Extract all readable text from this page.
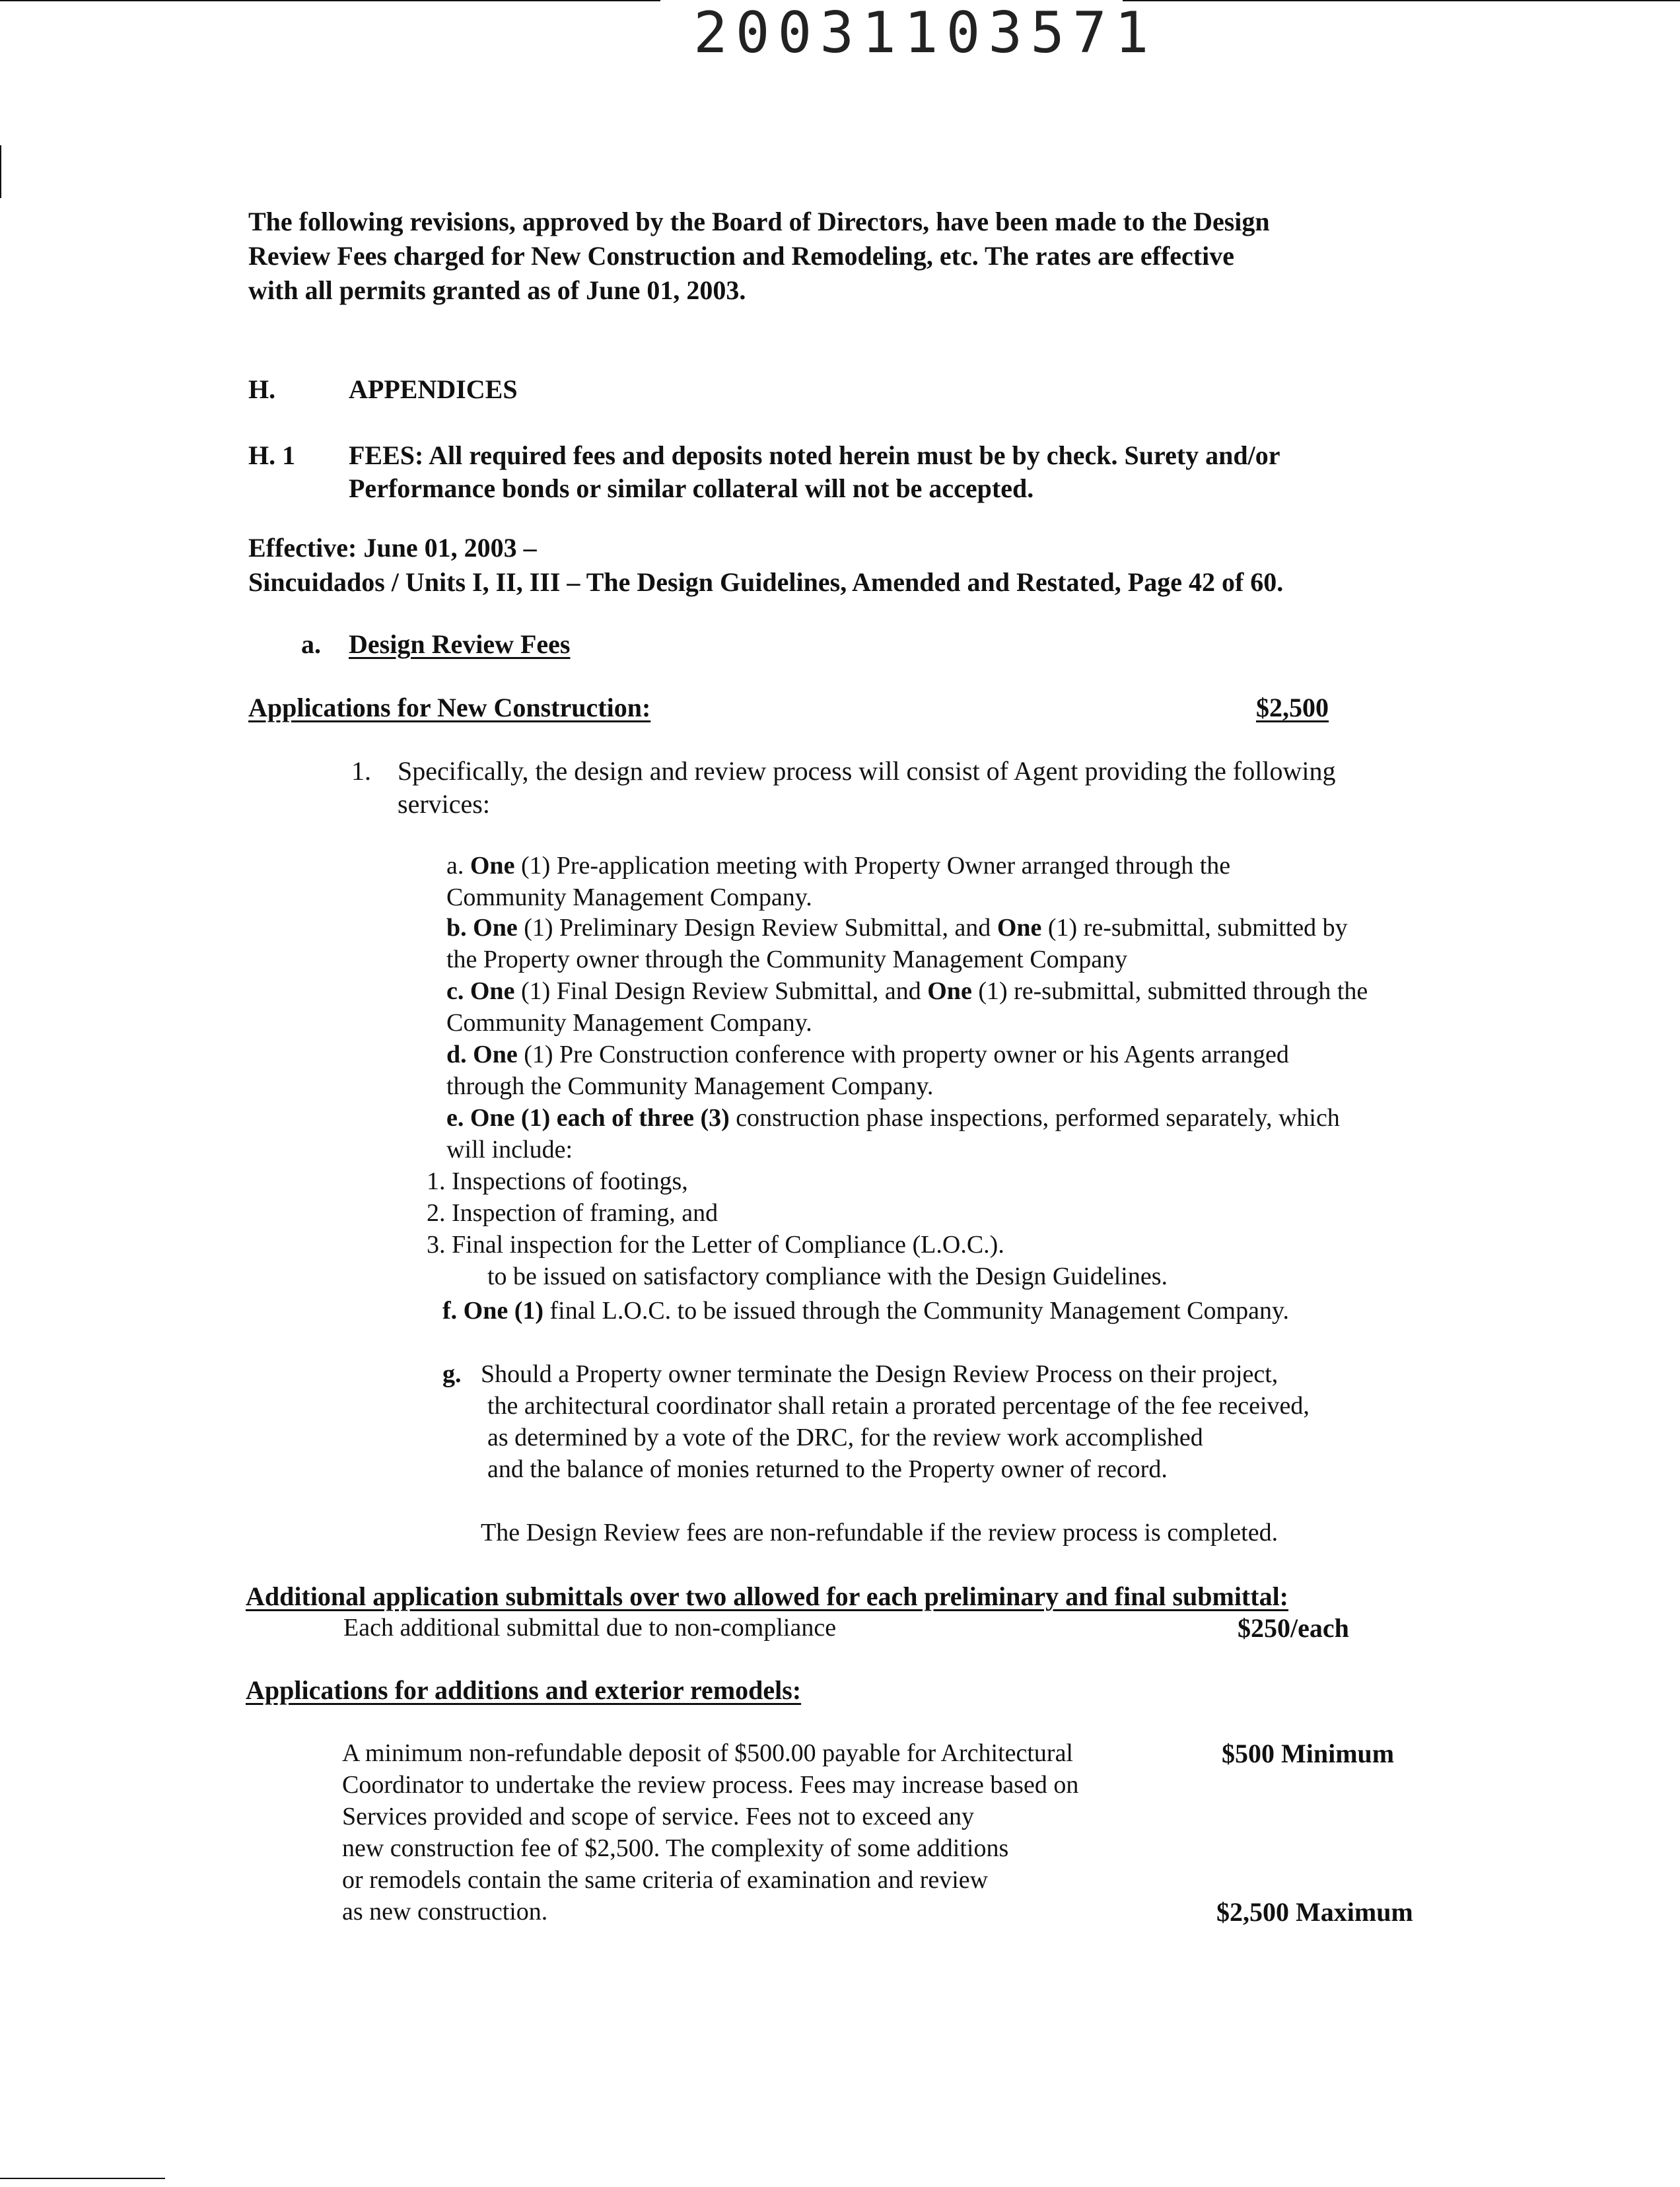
20031103571
The following revisions, approved by the Board of Directors, have been made to the Design
Review Fees charged for New Construction and Remodeling, etc. The rates are effective
with all permits granted as of June 01, 2003.
H.	APPENDICES
H. 1 FEES: All required fees and deposits noted herein must be by check. Surety and/or
Performance bonds or similar collateral will not be accepted.
Effective: June 01, 2003 –
Sincuidados / Units I, II, III – The Design Guidelines, Amended and Restated, Page 42 of 60.
a. Design Review Fees
Applications for New Construction:	$2,500
1. Specifically, the design and review process will consist of Agent providing the following
services:
a. One (1) Pre-application meeting with Property Owner arranged through the
Community Management Company.
b. One (1) Preliminary Design Review Submittal, and One (1) re-submittal, submitted by
the Property owner through the Community Management Company
c. One (1) Final Design Review Submittal, and One (1) re-submittal, submitted through the
Community Management Company.
d. One (1) Pre Construction conference with property owner or his Agents arranged
through the Community Management Company.
e. One (1) each of three (3) construction phase inspections, performed separately, which
will include:
1. Inspections of footings,
2. Inspection of framing, and
3. Final inspection for the Letter of Compliance (L.O.C.).
to be issued on satisfactory compliance with the Design Guidelines.
f. One (1) final L.O.C. to be issued through the Community Management Company.
g. Should a Property owner terminate the Design Review Process on their project,
the architectural coordinator shall retain a prorated percentage of the fee received,
as determined by a vote of the DRC, for the review work accomplished
and the balance of monies returned to the Property owner of record.
The Design Review fees are non-refundable if the review process is completed.
Additional application submittals over two allowed for each preliminary and final submittal:
Each additional submittal due to non-compliance	$250/each
Applications for additions and exterior remodels:
A minimum non-refundable deposit of $500.00 payable for Architectural
Coordinator to undertake the review process. Fees may increase based on
Services provided and scope of service. Fees not to exceed any
new construction fee of $2,500. The complexity of some additions
or remodels contain the same criteria of examination and review
as new construction.
$500 Minimum
$2,500 Maximum
